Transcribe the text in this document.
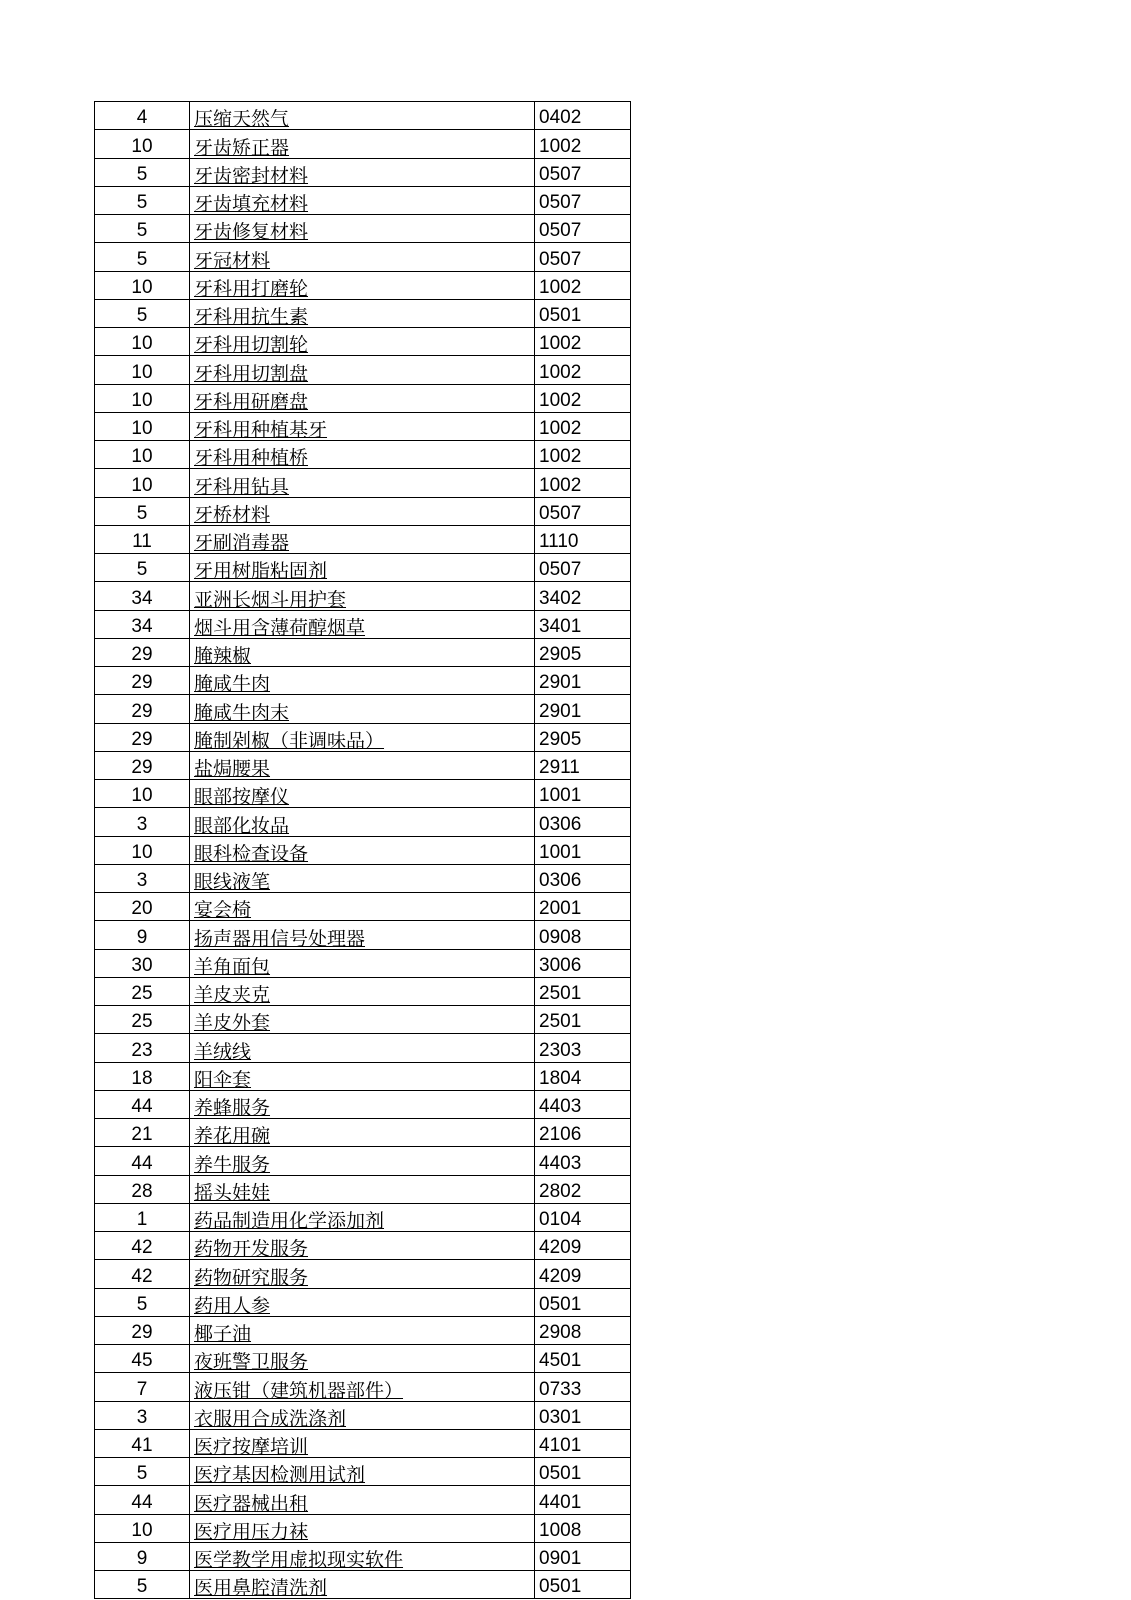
4	压缩天然气	0402
10	牙齿矫正器	1002
5	牙齿密封材料	0507
5	牙齿填充材料	0507
5	牙齿修复材料	0507
5	牙冠材料	0507
10	牙科用打磨轮	1002
5	牙科用抗生素	0501
10	牙科用切割轮	1002
10	牙科用切割盘	1002
10	牙科用研磨盘	1002
10	牙科用种植基牙	1002
10	牙科用种植桥	1002
10	牙科用钻具	1002
5	牙桥材料	0507
11	牙刷消毒器	1110
5	牙用树脂粘固剂	0507
34	亚洲长烟斗用护套	3402
34	烟斗用含薄荷醇烟草	3401
29	腌辣椒	2905
29	腌咸牛肉	2901
29	腌咸牛肉末	2901
29	腌制剁椒（非调味品）	2905
29	盐焗腰果	2911
10	眼部按摩仪	1001
3	眼部化妆品	0306
10	眼科检查设备	1001
3	眼线液笔	0306
20	宴会椅	2001
9	扬声器用信号处理器	0908
30	羊角面包	3006
25	羊皮夹克	2501
25	羊皮外套	2501
23	羊绒线	2303
18	阳伞套	1804
44	养蜂服务	4403
21	养花用碗	2106
44	养牛服务	4403
28	摇头娃娃	2802
1	药品制造用化学添加剂	0104
42	药物开发服务	4209
42	药物研究服务	4209
5	药用人参	0501
29	椰子油	2908
45	夜班警卫服务	4501
7	液压钳（建筑机器部件）	0733
3	衣服用合成洗涤剂	0301
41	医疗按摩培训	4101
5	医疗基因检测用试剂	0501
44	医疗器械出租	4401
10	医疗用压力袜	1008
9	医学教学用虚拟现实软件	0901
5	医用鼻腔清洗剂	0501
